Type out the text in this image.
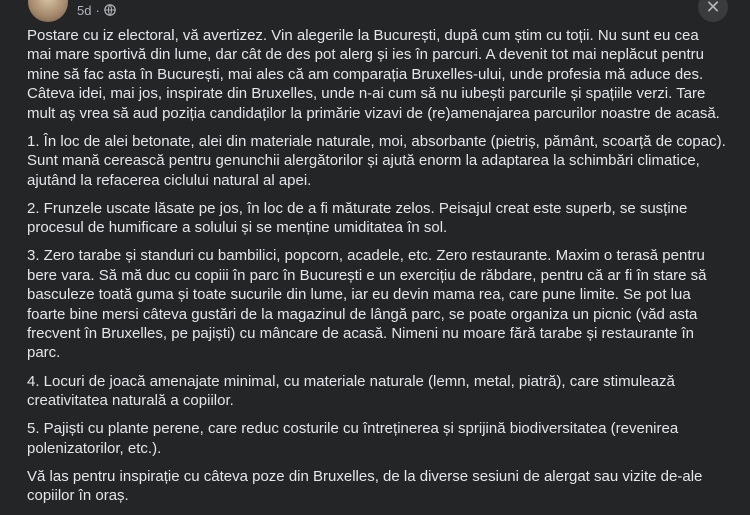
5d ·	✕

Postare cu iz electoral, vă avertizez. Vin alegerile la București, după cum știm cu toții. Nu sunt eu cea mai mare sportivă din lume, dar cât de des pot alerg și ies în parcuri. A devenit tot mai neplăcut pentru mine să fac asta în București, mai ales că am comparația Bruxelles-ului, unde profesia mă aduce des. Câteva idei, mai jos, inspirate din Bruxelles, unde n-ai cum să nu iubești parcurile și spațiile verzi. Tare mult aș vrea să aud poziția candidaților la primărie vizavi de (re)amenajarea parcurilor noastre de acasă.

1. În loc de alei betonate, alei din materiale naturale, moi, absorbante (pietriș, pământ, scoarță de copac). Sunt mană cerească pentru genunchii alergătorilor și ajută enorm la adaptarea la schimbări climatice, ajutând la refacerea ciclului natural al apei.

2. Frunzele uscate lăsate pe jos, în loc de a fi măturate zelos. Peisajul creat este superb, se susține procesul de humificare a solului și se menține umiditatea în sol.

3. Zero tarabe și standuri cu bambilici, popcorn, acadele, etc. Zero restaurante. Maxim o terasă pentru bere vara. Să mă duc cu copiii în parc în București e un exercițiu de răbdare, pentru că ar fi în stare să basculeze toată guma și toate sucurile din lume, iar eu devin mama rea, care pune limite. Se pot lua foarte bine mersi câteva gustări de la magazinul de lângă parc, se poate organiza un picnic (văd asta frecvent în Bruxelles, pe pajiști) cu mâncare de acasă. Nimeni nu moare fără tarabe și restaurante în parc.

4. Locuri de joacă amenajate minimal, cu materiale naturale (lemn, metal, piatră), care stimulează creativitatea naturală a copiilor.

5. Pajiști cu plante perene, care reduc costurile cu întreținerea și sprijină biodiversitatea (revenirea polenizatorilor, etc.).

Vă las pentru inspirație cu câteva poze din Bruxelles, de la diverse sesiuni de alergat sau vizite de-ale copiilor în oraș.
